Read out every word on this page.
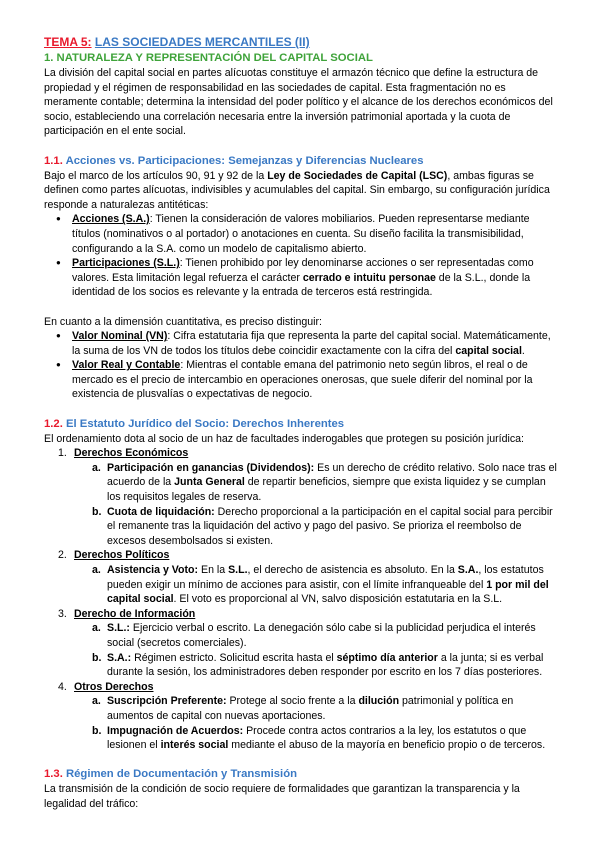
TEMA 5: LAS SOCIEDADES MERCANTILES (II)

1. NATURALEZA Y REPRESENTACIÓN DEL CAPITAL SOCIAL

La división del capital social en partes alícuotas constituye el armazón técnico que define la estructura de propiedad y el régimen de responsabilidad en las sociedades de capital. Esta fragmentación no es meramente contable; determina la intensidad del poder político y el alcance de los derechos económicos del socio, estableciendo una correlación necesaria entre la inversión patrimonial aportada y la cuota de participación en el ente social.

1.1. Acciones vs. Participaciones: Semejanzas y Diferencias Nucleares

Bajo el marco de los artículos 90, 91 y 92 de la Ley de Sociedades de Capital (LSC), ambas figuras se definen como partes alícuotas, indivisibles y acumulables del capital. Sin embargo, su configuración jurídica responde a naturalezas antitéticas:

● Acciones (S.A.): Tienen la consideración de valores mobiliarios. Pueden representarse mediante títulos (nominativos o al portador) o anotaciones en cuenta. Su diseño facilita la transmisibilidad, configurando a la S.A. como un modelo de capitalismo abierto.
● Participaciones (S.L.): Tienen prohibido por ley denominarse acciones o ser representadas como valores. Esta limitación legal refuerza el carácter cerrado e intuitu personae de la S.L., donde la identidad de los socios es relevante y la entrada de terceros está restringida.

En cuanto a la dimensión cuantitativa, es preciso distinguir:

● Valor Nominal (VN): Cifra estatutaria fija que representa la parte del capital social. Matemáticamente, la suma de los VN de todos los títulos debe coincidir exactamente con la cifra del capital social.
● Valor Real y Contable: Mientras el contable emana del patrimonio neto según libros, el real o de mercado es el precio de intercambio en operaciones onerosas, que suele diferir del nominal por la existencia de plusvalías o expectativas de negocio.

1.2. El Estatuto Jurídico del Socio: Derechos Inherentes

El ordenamiento dota al socio de un haz de facultades inderogables que protegen su posición jurídica:

1. Derechos Económicos
a. Participación en ganancias (Dividendos): Es un derecho de crédito relativo. Solo nace tras el acuerdo de la Junta General de repartir beneficios, siempre que exista liquidez y se cumplan los requisitos legales de reserva.
b. Cuota de liquidación: Derecho proporcional a la participación en el capital social para percibir el remanente tras la liquidación del activo y pago del pasivo. Se prioriza el reembolso de excesos desembolsados si existen.
2. Derechos Políticos
a. Asistencia y Voto: En la S.L., el derecho de asistencia es absoluto. En la S.A., los estatutos pueden exigir un mínimo de acciones para asistir, con el límite infranqueable del 1 por mil del capital social. El voto es proporcional al VN, salvo disposición estatutaria en la S.L.
3. Derecho de Información
a. S.L.: Ejercicio verbal o escrito. La denegación sólo cabe si la publicidad perjudica el interés social (secretos comerciales).
b. S.A.: Régimen estricto. Solicitud escrita hasta el séptimo día anterior a la junta; si es verbal durante la sesión, los administradores deben responder por escrito en los 7 días posteriores.
4. Otros Derechos
a. Suscripción Preferente: Protege al socio frente a la dilución patrimonial y política en aumentos de capital con nuevas aportaciones.
b. Impugnación de Acuerdos: Procede contra actos contrarios a la ley, los estatutos o que lesionen el interés social mediante el abuso de la mayoría en beneficio propio o de terceros.

1.3. Régimen de Documentación y Transmisión

La transmisión de la condición de socio requiere de formalidades que garantizan la transparencia y la legalidad del tráfico:
